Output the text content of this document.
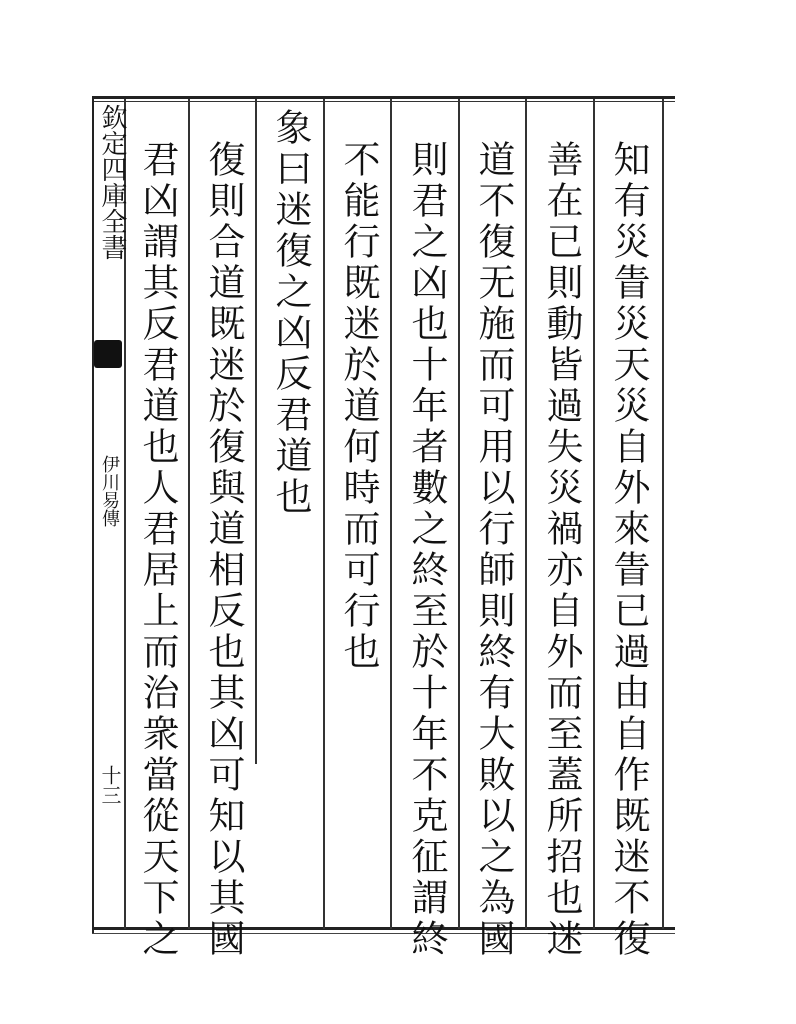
欽定四庫全書
伊川易傳
十三	知有災眚災天災自外來眚已過由自作既迷不復
善在已則動皆過失災禍亦自外而至蓋所招也迷
道不復无施而可用以行師則終有大敗以之為國
則君之凶也十年者數之終至於十年不克征謂終
不能行既迷於道何時而可行也
象曰迷復之凶反君道也
復則合道既迷於復與道相反也其凶可知以其國
君凶謂其反君道也人君居上而治衆當從天下之
